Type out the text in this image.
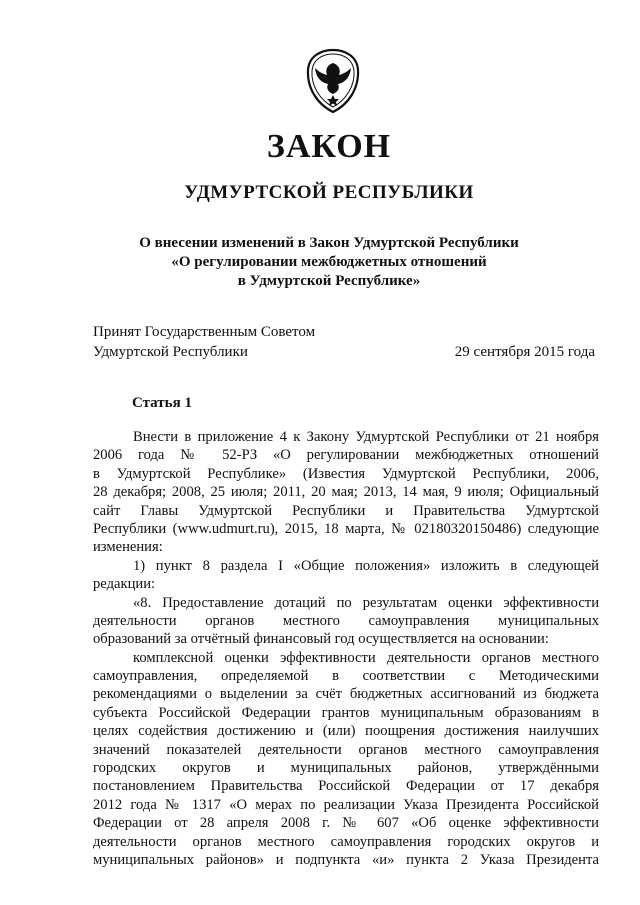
ЗАКОН
УДМУРТСКОЙ РЕСПУБЛИКИ
О внесении изменений в Закон Удмуртской Республики
«О регулировании межбюджетных отношений
в Удмуртской Республике»
Принят Государственным Советом
Удмуртской Республики	29 сентября 2015 года
Статья 1
Внести в приложение 4 к Закону Удмуртской Республики от 21 ноября
2006 года № 52-РЗ «О регулировании межбюджетных отношений
в Удмуртской Республике» (Известия Удмуртской Республики, 2006,
28 декабря; 2008, 25 июля; 2011, 20 мая; 2013, 14 мая, 9 июля; Официальный
сайт Главы Удмуртской Республики и Правительства Удмуртской
Республики (www.udmurt.ru), 2015, 18 марта, № 02180320150486) следующие
изменения:
1) пункт 8 раздела I «Общие положения» изложить в следующей
редакции:
«8. Предоставление дотаций по результатам оценки эффективности
деятельности органов местного самоуправления муниципальных
образований за отчётный финансовый год осуществляется на основании:
комплексной оценки эффективности деятельности органов местного
самоуправления, определяемой в соответствии с Методическими
рекомендациями о выделении за счёт бюджетных ассигнований из бюджета
субъекта Российской Федерации грантов муниципальным образованиям в
целях содействия достижению и (или) поощрения достижения наилучших
значений показателей деятельности органов местного самоуправления
городских округов и муниципальных районов, утверждёнными
постановлением Правительства Российской Федерации от 17 декабря
2012 года № 1317 «О мерах по реализации Указа Президента Российской
Федерации от 28 апреля 2008 г. № 607 «Об оценке эффективности
деятельности органов местного самоуправления городских округов и
муниципальных районов» и подпункта «и» пункта 2 Указа Президента
